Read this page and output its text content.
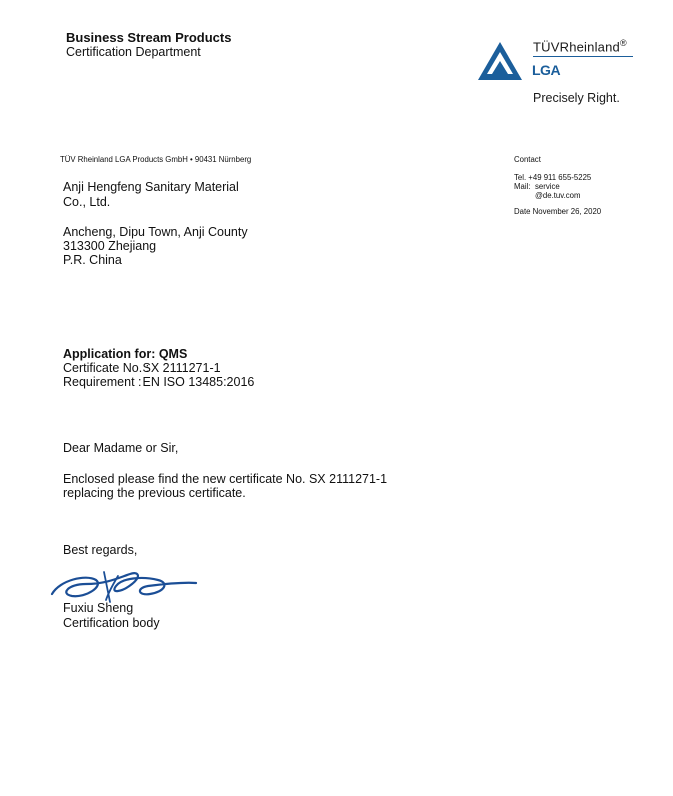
Business Stream Products
Certification Department	TÜVRheinland®
LGA
Precisely Right.
TÜV Rheinland LGA Products GmbH • 90431 Nürnberg	Contact
Tel. +49 911 655-5225
Mail: service
@de.tuv.com
Date November 26, 2020
Anji Hengfeng Sanitary Material
Co., Ltd.
Ancheng, Dipu Town, Anji County
313300 Zhejiang
P.R. China
Application for: QMS
Certificate No. : SX 2111271-1
Requirement : EN ISO 13485:2016
Dear Madame or Sir,
Enclosed please find the new certificate No. SX 2111271-1
replacing the previous certificate.
Best regards,
Fuxiu Sheng
Certification body
